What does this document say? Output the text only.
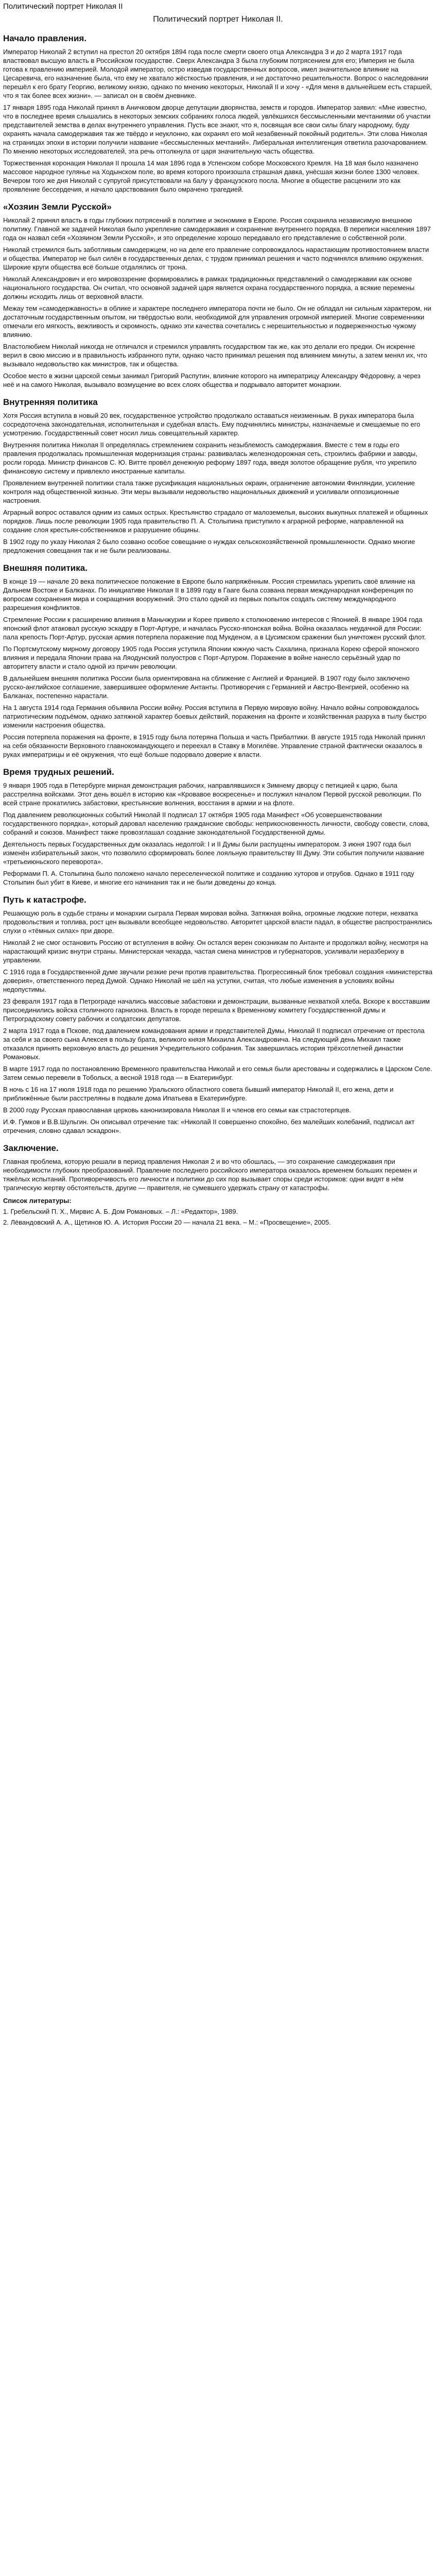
Политический портрет Николая II
Политический портрет Николая II.
Начало правления.

Император Николай 2 вступил на престол 20 октября 1894 года после смерти своего отца Александра 3 и до 2 марта 1917 года властвовал высшую власть в Российском государстве. Сверх Александра 3 была глубоким потрясением для его; Империя не была готова к правлению империей. Молодой император, остро изведав государственных вопросов, имел значительное влияние на Цесаревича, его назначение была, что ему не хватало жёсткостью правления, и не достаточно решительности. Вопрос о наследовании перешёл к его брату Георгию, великому князю, однако по мнению некоторых, Николай II и хочу - «Для меня в дальнейшем есть старшей, что я так более всех жизни». — записал он в своём дневнике.

17 января 1895 года Николай принял в Аничковом дворце депутации дворянства, земств и городов. Император заявил: «Мне известно, что в последнее время слышались в некоторых земских собраниях голоса людей, увлёкшихся бессмысленными мечтаниями об участии представителей земства в делах внутреннего управления. Пусть все знают, что я, посвящая все свои силы благу народному, буду охранять начала самодержавия так же твёрдо и неуклонно, как охранял его мой незабвенный покойный родитель». Эти слова Николая на страницах эпохи в истории получили название «бессмысленных мечтаний». Либеральная интеллигенция ответила разочарованием. По мнению некоторых исследователей, эта речь оттолкнула от царя значительную часть общества.

Торжественная коронация Николая II прошла 14 мая 1896 года в Успенском соборе Московского Кремля. На 18 мая было назначено массовое народное гулянье на Ходынском поле, во время которого произошла страшная давка, унёсшая жизни более 1300 человек. Вечером того же дня Николай с супругой присутствовали на балу у французского посла. Многие в обществе расценили это как проявление бессердечия, и начало царствования было омрачено трагедией.

«Хозяин Земли Русской»

Николай 2 принял власть в годы глубоких потрясений в политике и экономике в Европе. Россия сохраняла независимую внешнюю политику. Главной же задачей Николая было укрепление самодержавия и сохранение внутреннего порядка. В переписи населения 1897 года он назвал себя «Хозяином Земли Русской», и это определение хорошо передавало его представление о собственной роли.

Николай стремился быть заботливым самодержцем, но на деле его правление сопровождалось нарастающим противостоянием власти и общества. Император не был силён в государственных делах, с трудом принимал решения и часто подчинялся влиянию окружения. Широкие круги общества всё больше отдалялись от трона.

Николай Александрович и его мировоззрение формировались в рамках традиционных представлений о самодержавии как основе национального государства. Он считал, что основной задачей царя является охрана государственного порядка, а всякие перемены должны исходить лишь от верховной власти.

Межау тем «самодержавность» в облике и характере последнего императора почти не было. Он не обладал ни сильным характером, ни достаточным государственным опытом, ни твёрдостью воли, необходимой для управления огромной империей. Многие современники отмечали его мягкость, вежливость и скромность, однако эти качества сочетались с нерешительностью и подверженностью чужому влиянию.

Властолюбием Николай никогда не отличался и стремился управлять государством так же, как это делали его предки. Он искренне верил в свою миссию и в правильность избранного пути, однако часто принимал решения под влиянием минуты, а затем менял их, что вызывало недовольство как министров, так и общества.

Особое место в жизни царской семьи занимал Григорий Распутин, влияние которого на императрицу Александру Фёдоровну, а через неё и на самого Николая, вызывало возмущение во всех слоях общества и подрывало авторитет монархии.

Внутренняя политика

Хотя Россия вступила в новый 20 век, государственное устройство продолжало оставаться неизменным. В руках императора была сосредоточена законодательная, исполнительная и судебная власть. Ему подчинялись министры, назначаемые и смещаемые по его усмотрению. Государственный совет носил лишь совещательный характер.

Внутренняя политика Николая II определялась стремлением сохранить незыблемость самодержавия. Вместе с тем в годы его правления продолжалась промышленная модернизация страны: развивалась железнодорожная сеть, строились фабрики и заводы, росли города. Министр финансов С. Ю. Витте провёл денежную реформу 1897 года, введя золотое обращение рубля, что укрепило финансовую систему и привлекло иностранные капиталы.

Проявлением внутренней политики стала также русификация национальных окраин, ограничение автономии Финляндии, усиление контроля над общественной жизнью. Эти меры вызывали недовольство национальных движений и усиливали оппозиционные настроения.

Аграрный вопрос оставался одним из самых острых. Крестьянство страдало от малоземелья, высоких выкупных платежей и общинных порядков. Лишь после революции 1905 года правительство П. А. Столыпина приступило к аграрной реформе, направленной на создание слоя крестьян-собственников и разрушение общины.

В 1902 году по указу Николая 2 было созвано особое совещание о нуждах сельскохозяйственной промышленности. Однако многие предложения совещания так и не были реализованы.

Внешняя политика.

В конце 19 — начале 20 века политическое положение в Европе было напряжённым. Россия стремилась укрепить своё влияние на Дальнем Востоке и Балканах. По инициативе Николая II в 1899 году в Гааге была созвана первая международная конференция по вопросам сохранения мира и сокращения вооружений. Это стало одной из первых попыток создать систему международного разрешения конфликтов.

Стремление России к расширению влияния в Маньчжурии и Корее привело к столкновению интересов с Японией. В январе 1904 года японский флот атаковал русскую эскадру в Порт-Артуре, и началась Русско-японская война. Война оказалась неудачной для России: пала крепость Порт-Артур, русская армия потерпела поражение под Мукденом, а в Цусимском сражении был уничтожен русский флот.

По Портсмутскому мирному договору 1905 года Россия уступила Японии южную часть Сахалина, признала Корею сферой японского влияния и передала Японии права на Ляодунский полуостров с Порт-Артуром. Поражение в войне нанесло серьёзный удар по авторитету власти и стало одной из причин революции.

В дальнейшем внешняя политика России была ориентирована на сближение с Англией и Францией. В 1907 году было заключено русско-английское соглашение, завершившее оформление Антанты. Противоречия с Германией и Австро-Венгрией, особенно на Балканах, постепенно нарастали.

На 1 августа 1914 года Германия объявила России войну. Россия вступила в Первую мировую войну. Начало войны сопровождалось патриотическим подъёмом, однако затяжной характер боевых действий, поражения на фронте и хозяйственная разруха в тылу быстро изменили настроения общества.

Россия потерпела поражения на фронте, в 1915 году была потеряна Польша и часть Прибалтики. В августе 1915 года Николай принял на себя обязанности Верховного главнокомандующего и переехал в Ставку в Могилёве. Управление страной фактически оказалось в руках императрицы и её окружения, что ещё больше подорвало доверие к власти.

Время трудных решений.

9 января 1905 года в Петербурге мирная демонстрация рабочих, направлявшихся к Зимнему дворцу с петицией к царю, была расстреляна войсками. Этот день вошёл в историю как «Кровавое воскресенье» и послужил началом Первой русской революции. По всей стране прокатились забастовки, крестьянские волнения, восстания в армии и на флоте.

Под давлением революционных событий Николай II подписал 17 октября 1905 года Манифест «Об усовершенствовании государственного порядка», который даровал населению гражданские свободы: неприкосновенность личности, свободу совести, слова, собраний и союзов. Манифест также провозглашал создание законодательной Государственной думы.

Деятельность первых Государственных дум оказалась недолгой: I и II Думы были распущены императором. 3 июня 1907 года был изменён избирательный закон, что позволило сформировать более лояльную правительству III Думу. Эти события получили название «третьеиюньского переворота».

Реформами П. А. Столыпина было положено начало переселенческой политике и созданию хуторов и отрубов. Однако в 1911 году Столыпин был убит в Киеве, и многие его начинания так и не были доведены до конца.

Путь к катастрофе.

Решающую роль в судьбе страны и монархии сыграла Первая мировая война. Затяжная война, огромные людские потери, нехватка продовольствия и топлива, рост цен вызывали всеобщее недовольство. Авторитет царской власти падал, в обществе распространялись слухи о «тёмных силах» при дворе.

Николай 2 не смог остановить Россию от вступления в войну. Он остался верен союзникам по Антанте и продолжал войну, несмотря на нарастающий кризис внутри страны. Министерская чехарда, частая смена министров и губернаторов, усиливали неразбериху в управлении.

С 1916 года в Государственной думе звучали резкие речи против правительства. Прогрессивный блок требовал создания «министерства доверия», ответственного перед Думой. Однако Николай не шёл на уступки, считая, что любые изменения в условиях войны недопустимы.

23 февраля 1917 года в Петрограде начались массовые забастовки и демонстрации, вызванные нехваткой хлеба. Вскоре к восставшим присоединились войска столичного гарнизона. Власть в городе перешла к Временному комитету Государственной думы и Петроградскому совету рабочих и солдатских депутатов.

2 марта 1917 года в Пскове, под давлением командования армии и представителей Думы, Николай II подписал отречение от престола за себя и за своего сына Алексея в пользу брата, великого князя Михаила Александровича. На следующий день Михаил также отказался принять верховную власть до решения Учредительного собрания. Так завершилась история трёхсотлетней династии Романовых.

В марте 1917 года по постановлению Временного правительства Николай и его семья были арестованы и содержались в Царском Селе. Затем семью перевели в Тобольск, а весной 1918 года — в Екатеринбург.

В ночь с 16 на 17 июля 1918 года по решению Уральского областного совета бывший император Николай II, его жена, дети и приближённые были расстреляны в подвале дома Ипатьева в Екатеринбурге.

В 2000 году Русская православная церковь канонизировала Николая II и членов его семьи как страстотерпцев.

И.Ф. Гумков и В.В.Шульгин. Он описывал отречение так: «Николай II совершенно спокойно, без малейших колебаний, подписал акт отречения, словно сдавал эскадрон».

Заключение.

Главная проблема, которую решали в период правления Николая 2 и во что обошлась, — это сохранение самодержавия при необходимости глубоких преобразований. Правление последнего российского императора оказалось временем больших перемен и тяжёлых испытаний. Противоречивость его личности и политики до сих пор вызывает споры среди историков: одни видят в нём трагическую жертву обстоятельств, другие — правителя, не сумевшего удержать страну от катастрофы.

Список литературы:
1. Гребельский П. Х., Мирвис А. Б. Дом Романовых. – Л.: «Редактор», 1989.
2. Лёвандовский А. А., Щетинов Ю. А. История России 20 — начала 21 века. – М.: «Просвещение», 2005.
